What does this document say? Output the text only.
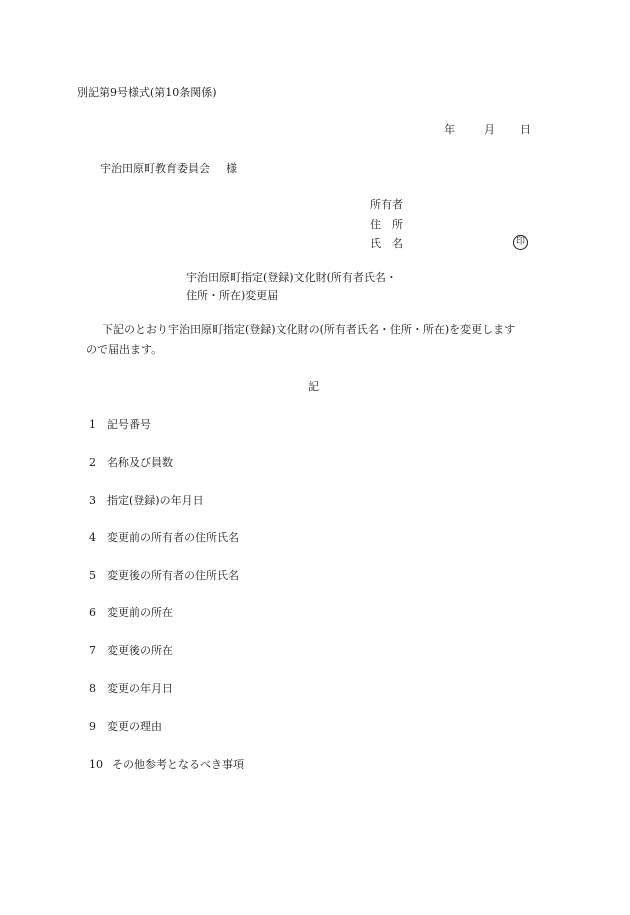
別記第9号様式(第10条関係)
年	月 日
宇治田原町教育委員会 様
所有者
住 所
氏 名	印
宇治田原町指定(登録)文化財(所有者氏名・
住所・所在)変更届
下記のとおり宇治田原町指定(登録)文化財の(所有者氏名・住所・所在)を変更します
ので届出ます。
記
1 記号番号
2 名称及び員数
3 指定(登録)の年月日
4 変更前の所有者の住所氏名
5 変更後の所有者の住所氏名
6 変更前の所在
7 変更後の所在
8 変更の年月日
9 変更の理由
10 その他参考となるべき事項
